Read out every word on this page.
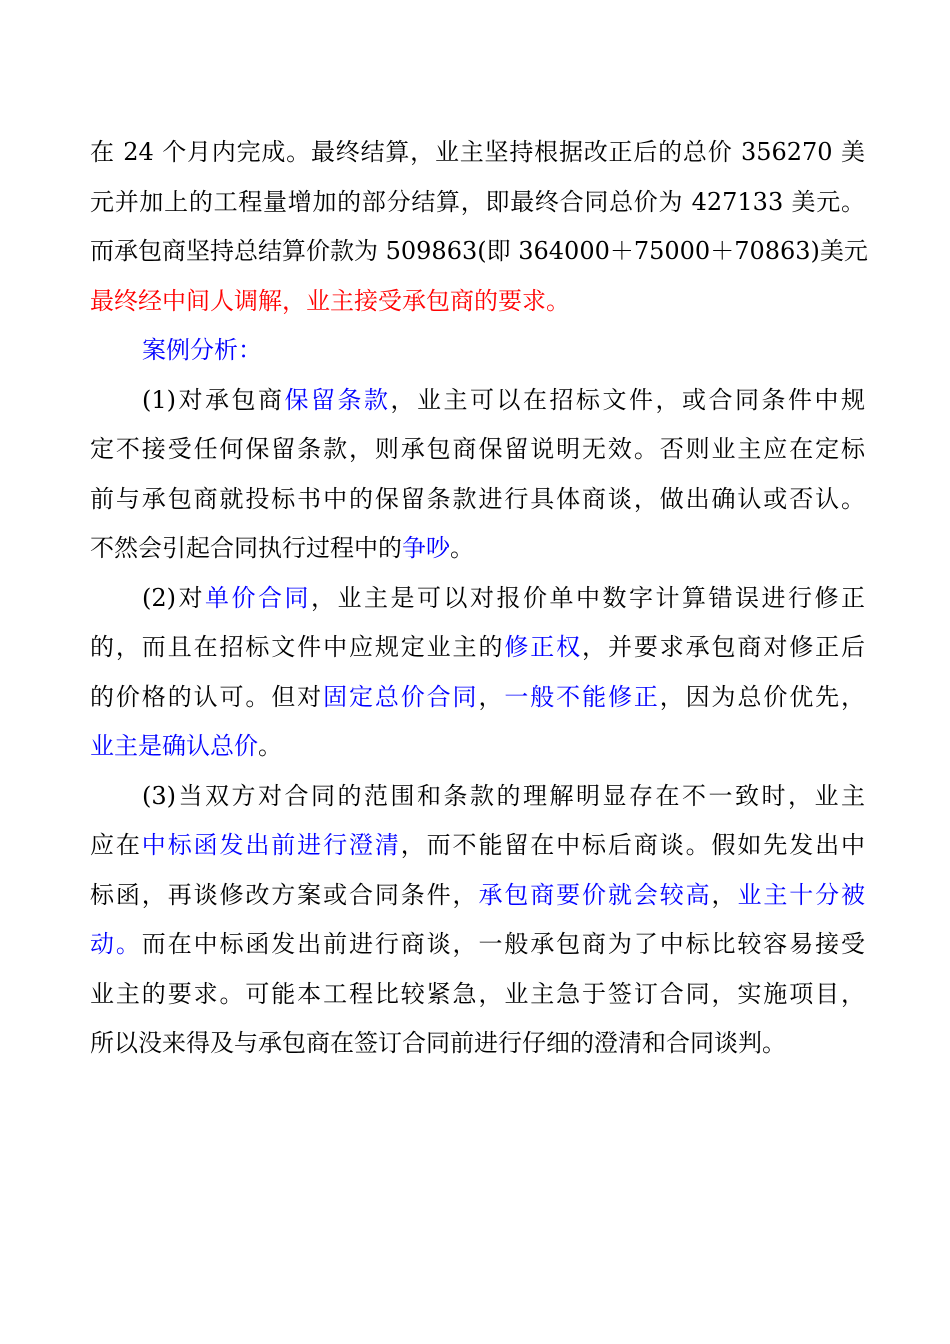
在 24 个月内完成。最终结算，业主坚持根据改正后的总价 356270 美
元并加上的工程量增加的部分结算，即最终合同总价为 427133 美元。
而承包商坚持总结算价款为 509863(即 364000＋75000＋70863)美元
最终经中间人调解，业主接受承包商的要求。
案例分析：
(1)对承包商保留条款，业主可以在招标文件，或合同条件中规
定不接受任何保留条款，则承包商保留说明无效。否则业主应在定标
前与承包商就投标书中的保留条款进行具体商谈，做出确认或否认。
不然会引起合同执行过程中的争吵。
(2)对单价合同，业主是可以对报价单中数字计算错误进行修正
的，而且在招标文件中应规定业主的修正权，并要求承包商对修正后
的价格的认可。但对固定总价合同，一般不能修正，因为总价优先，
业主是确认总价。
(3)当双方对合同的范围和条款的理解明显存在不一致时，业主
应在中标函发出前进行澄清，而不能留在中标后商谈。假如先发出中
标函，再谈修改方案或合同条件，承包商要价就会较高，业主十分被
动。而在中标函发出前进行商谈，一般承包商为了中标比较容易接受
业主的要求。可能本工程比较紧急，业主急于签订合同，实施项目，
所以没来得及与承包商在签订合同前进行仔细的澄清和合同谈判。
